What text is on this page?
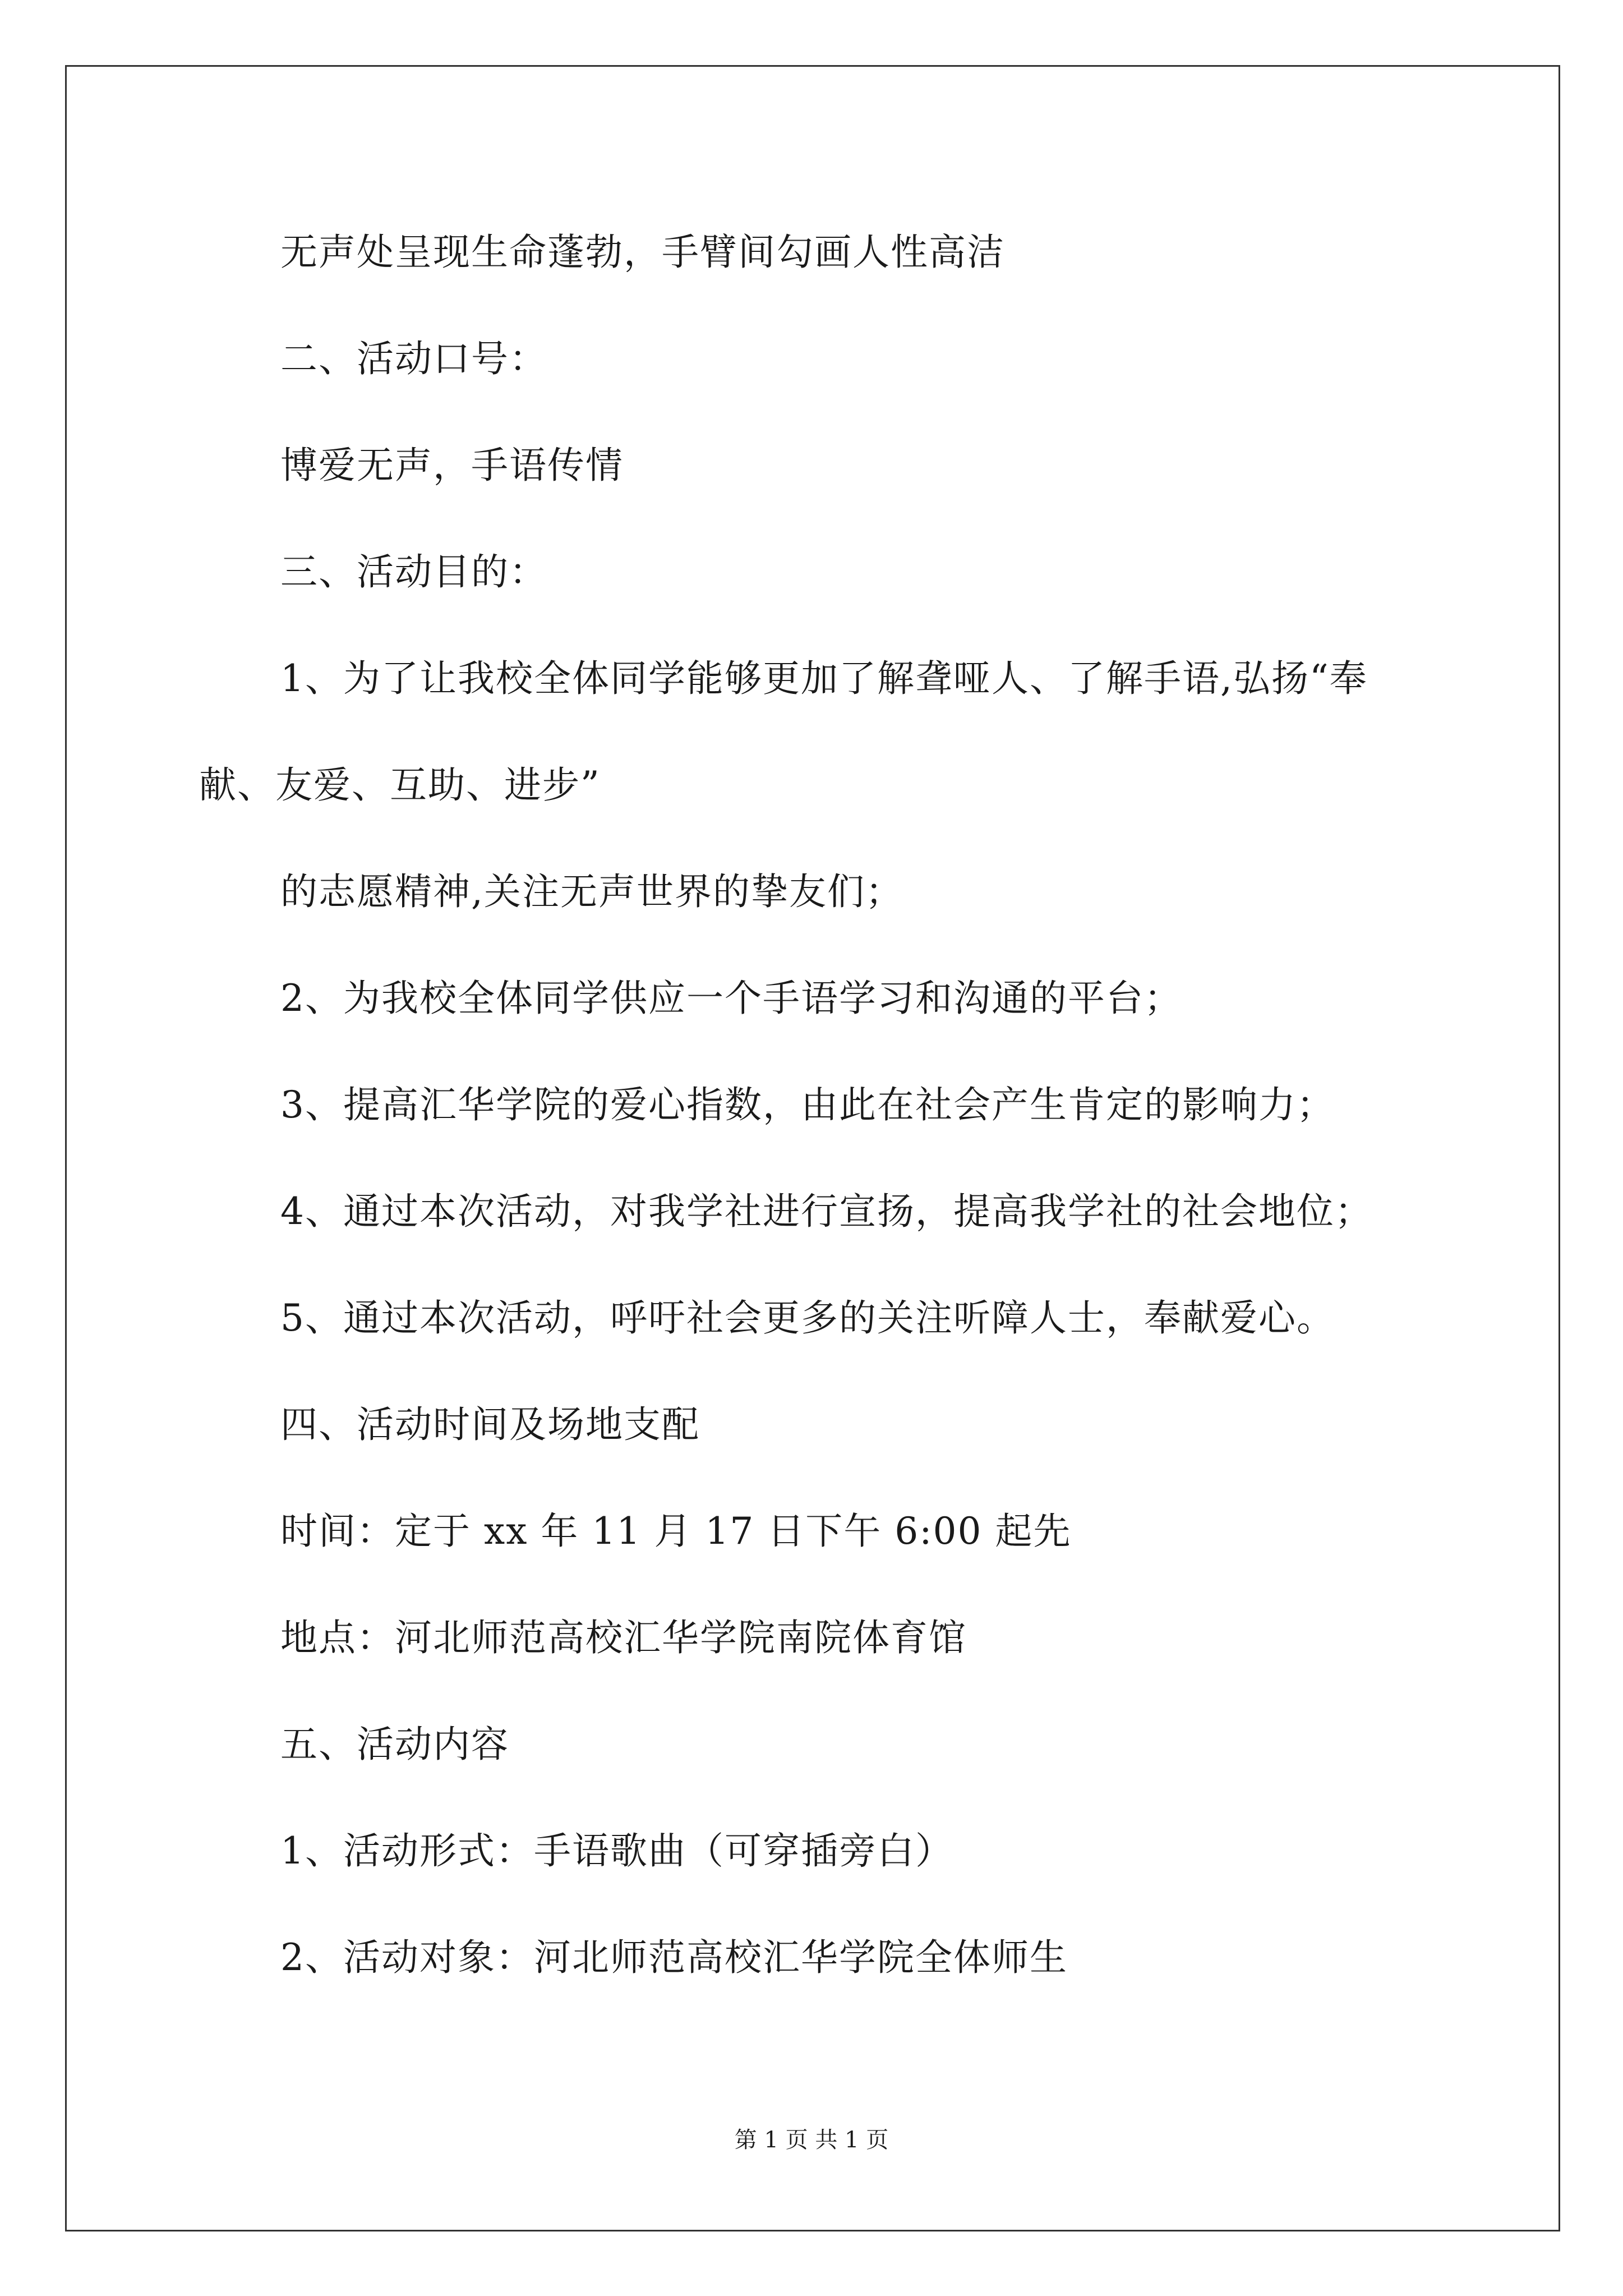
无声处呈现生命蓬勃，手臂间勾画人性高洁
二、活动口号：
博爱无声，手语传情
三、活动目的：
1、为了让我校全体同学能够更加了解聋哑人、了解手语,弘扬“奉
献、友爱、互助、进步”
的志愿精神,关注无声世界的挚友们；
2、为我校全体同学供应一个手语学习和沟通的平台；
3、提高汇华学院的爱心指数，由此在社会产生肯定的影响力；
4、通过本次活动，对我学社进行宣扬，提高我学社的社会地位；
5、通过本次活动，呼吁社会更多的关注听障人士，奉献爱心。
四、活动时间及场地支配
时间：定于 xx 年 11 月 17 日下午 6:00 起先
地点：河北师范高校汇华学院南院体育馆
五、活动内容
1、活动形式：手语歌曲（可穿插旁白）
2、活动对象：河北师范高校汇华学院全体师生
第 1 页 共 1 页
